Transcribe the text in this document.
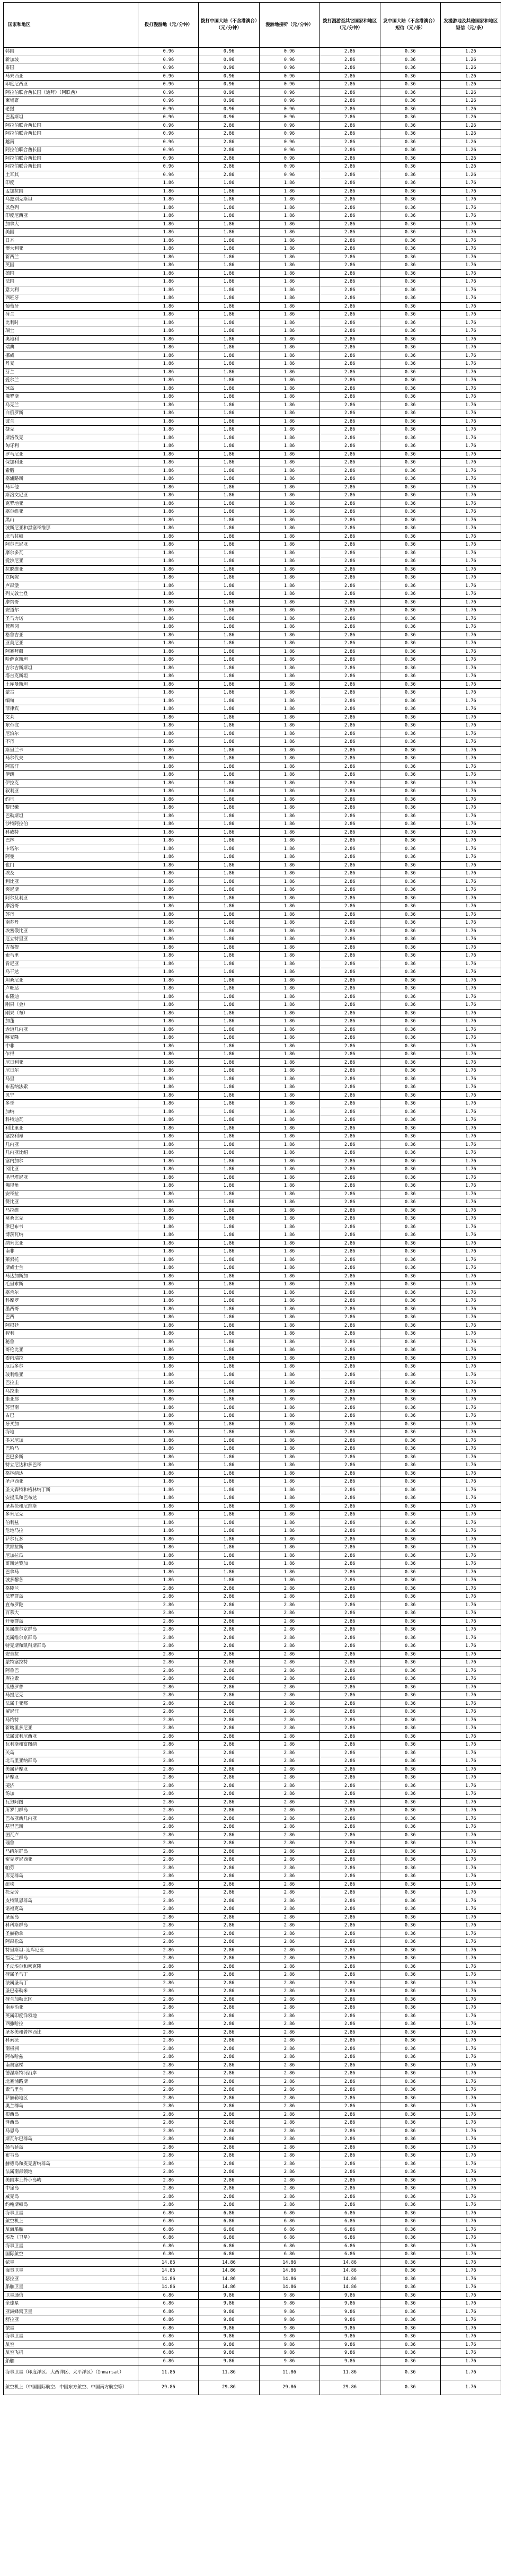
国家和地区	拨打漫游地（元/分钟）	拨打中国大陆（不含港澳台）（元/分钟）	漫游地接听（元/分钟）	拨打漫游至其它国家和地区（元/分钟）	发中国大陆（不含港澳台）短信（元/条）	发漫游地及其他国家和地区短信（元/条）
韩国	0.96	0.96	0.96	2.86	0.36	1.26
新加坡	0.96	0.96	0.96	2.86	0.36	1.26
泰国	0.96	0.96	0.96	2.86	0.36	1.26
马来西亚	0.96	0.96	0.96	2.86	0.36	1.26
印度尼西亚	0.96	0.96	0.96	2.86	0.36	1.26
阿拉伯联合酋长国（迪拜）（阿联酋）	0.96	0.96	0.96	2.86	0.36	1.26
柬埔寨	0.96	0.96	0.96	2.86	0.36	1.26
老挝	0.96	0.96	0.96	2.86	0.36	1.26
巴基斯坦	0.96	0.96	0.96	2.86	0.36	1.26
阿拉伯联合酋长国	0.96	2.86	0.96	2.86	0.36	1.26
阿拉伯联合酋长国	0.96	2.86	0.96	2.86	0.36	1.26
越南	0.96	2.86	0.96	2.86	0.36	1.26
阿拉伯联合酋长国	0.96	2.86	0.96	2.86	0.36	1.26
阿拉伯联合酋长国	0.96	2.86	0.96	2.86	0.36	1.26
阿拉伯联合酋长国	0.96	2.86	0.96	2.86	0.36	1.26
土耳其	0.96	2.86	0.96	2.86	0.36	1.26
印度	1.86	1.86	1.86	2.86	0.36	1.76
孟加拉国	1.86	1.86	1.86	2.86	0.36	1.76
乌兹别克斯坦	1.86	1.86	1.86	2.86	0.36	1.76
以色列	1.86	1.86	1.86	2.86	0.36	1.76
印度尼西亚	1.86	1.86	1.86	2.86	0.36	1.76
加拿大	1.86	1.86	1.86	2.86	0.36	1.76
美国	1.86	1.86	1.86	2.86	0.36	1.76
日本	1.86	1.86	1.86	2.86	0.36	1.76
澳大利亚	1.86	1.86	1.86	2.86	0.36	1.76
新西兰	1.86	1.86	1.86	2.86	0.36	1.76
英国	1.86	1.86	1.86	2.86	0.36	1.76
德国	1.86	1.86	1.86	2.86	0.36	1.76
法国	1.86	1.86	1.86	2.86	0.36	1.76
意大利	1.86	1.86	1.86	2.86	0.36	1.76
西班牙	1.86	1.86	1.86	2.86	0.36	1.76
葡萄牙	1.86	1.86	1.86	2.86	0.36	1.76
荷兰	1.86	1.86	1.86	2.86	0.36	1.76
比利时	1.86	1.86	1.86	2.86	0.36	1.76
瑞士	1.86	1.86	1.86	2.86	0.36	1.76
奥地利	1.86	1.86	1.86	2.86	0.36	1.76
瑞典	1.86	1.86	1.86	2.86	0.36	1.76
挪威	1.86	1.86	1.86	2.86	0.36	1.76
丹麦	1.86	1.86	1.86	2.86	0.36	1.76
芬兰	1.86	1.86	1.86	2.86	0.36	1.76
爱尔兰	1.86	1.86	1.86	2.86	0.36	1.76
冰岛	1.86	1.86	1.86	2.86	0.36	1.76
俄罗斯	1.86	1.86	1.86	2.86	0.36	1.76
乌克兰	1.86	1.86	1.86	2.86	0.36	1.76
白俄罗斯	1.86	1.86	1.86	2.86	0.36	1.76
波兰	1.86	1.86	1.86	2.86	0.36	1.76
捷克	1.86	1.86	1.86	2.86	0.36	1.76
斯洛伐克	1.86	1.86	1.86	2.86	0.36	1.76
匈牙利	1.86	1.86	1.86	2.86	0.36	1.76
罗马尼亚	1.86	1.86	1.86	2.86	0.36	1.76
保加利亚	1.86	1.86	1.86	2.86	0.36	1.76
希腊	1.86	1.86	1.86	2.86	0.36	1.76
塞浦路斯	1.86	1.86	1.86	2.86	0.36	1.76
马耳他	1.86	1.86	1.86	2.86	0.36	1.76
斯洛文尼亚	1.86	1.86	1.86	2.86	0.36	1.76
克罗地亚	1.86	1.86	1.86	2.86	0.36	1.76
塞尔维亚	1.86	1.86	1.86	2.86	0.36	1.76
黑山	1.86	1.86	1.86	2.86	0.36	1.76
波斯尼亚和黑塞哥维那	1.86	1.86	1.86	2.86	0.36	1.76
北马其顿	1.86	1.86	1.86	2.86	0.36	1.76
阿尔巴尼亚	1.86	1.86	1.86	2.86	0.36	1.76
摩尔多瓦	1.86	1.86	1.86	2.86	0.36	1.76
爱沙尼亚	1.86	1.86	1.86	2.86	0.36	1.76
拉脱维亚	1.86	1.86	1.86	2.86	0.36	1.76
立陶宛	1.86	1.86	1.86	2.86	0.36	1.76
卢森堡	1.86	1.86	1.86	2.86	0.36	1.76
列支敦士登	1.86	1.86	1.86	2.86	0.36	1.76
摩纳哥	1.86	1.86	1.86	2.86	0.36	1.76
安道尔	1.86	1.86	1.86	2.86	0.36	1.76
圣马力诺	1.86	1.86	1.86	2.86	0.36	1.76
梵蒂冈	1.86	1.86	1.86	2.86	0.36	1.76
格鲁吉亚	1.86	1.86	1.86	2.86	0.36	1.76
亚美尼亚	1.86	1.86	1.86	2.86	0.36	1.76
阿塞拜疆	1.86	1.86	1.86	2.86	0.36	1.76
哈萨克斯坦	1.86	1.86	1.86	2.86	0.36	1.76
吉尔吉斯斯坦	1.86	1.86	1.86	2.86	0.36	1.76
塔吉克斯坦	1.86	1.86	1.86	2.86	0.36	1.76
土库曼斯坦	1.86	1.86	1.86	2.86	0.36	1.76
蒙古	1.86	1.86	1.86	2.86	0.36	1.76
缅甸	1.86	1.86	1.86	2.86	0.36	1.76
菲律宾	1.86	1.86	1.86	2.86	0.36	1.76
文莱	1.86	1.86	1.86	2.86	0.36	1.76
东帝汶	1.86	1.86	1.86	2.86	0.36	1.76
尼泊尔	1.86	1.86	1.86	2.86	0.36	1.76
不丹	1.86	1.86	1.86	2.86	0.36	1.76
斯里兰卡	1.86	1.86	1.86	2.86	0.36	1.76
马尔代夫	1.86	1.86	1.86	2.86	0.36	1.76
阿富汗	1.86	1.86	1.86	2.86	0.36	1.76
伊朗	1.86	1.86	1.86	2.86	0.36	1.76
伊拉克	1.86	1.86	1.86	2.86	0.36	1.76
叙利亚	1.86	1.86	1.86	2.86	0.36	1.76
约旦	1.86	1.86	1.86	2.86	0.36	1.76
黎巴嫩	1.86	1.86	1.86	2.86	0.36	1.76
巴勒斯坦	1.86	1.86	1.86	2.86	0.36	1.76
沙特阿拉伯	1.86	1.86	1.86	2.86	0.36	1.76
科威特	1.86	1.86	1.86	2.86	0.36	1.76
巴林	1.86	1.86	1.86	2.86	0.36	1.76
卡塔尔	1.86	1.86	1.86	2.86	0.36	1.76
阿曼	1.86	1.86	1.86	2.86	0.36	1.76
也门	1.86	1.86	1.86	2.86	0.36	1.76
埃及	1.86	1.86	1.86	2.86	0.36	1.76
利比亚	1.86	1.86	1.86	2.86	0.36	1.76
突尼斯	1.86	1.86	1.86	2.86	0.36	1.76
阿尔及利亚	1.86	1.86	1.86	2.86	0.36	1.76
摩洛哥	1.86	1.86	1.86	2.86	0.36	1.76
苏丹	1.86	1.86	1.86	2.86	0.36	1.76
南苏丹	1.86	1.86	1.86	2.86	0.36	1.76
埃塞俄比亚	1.86	1.86	1.86	2.86	0.36	1.76
厄立特里亚	1.86	1.86	1.86	2.86	0.36	1.76
吉布提	1.86	1.86	1.86	2.86	0.36	1.76
索马里	1.86	1.86	1.86	2.86	0.36	1.76
肯尼亚	1.86	1.86	1.86	2.86	0.36	1.76
乌干达	1.86	1.86	1.86	2.86	0.36	1.76
坦桑尼亚	1.86	1.86	1.86	2.86	0.36	1.76
卢旺达	1.86	1.86	1.86	2.86	0.36	1.76
布隆迪	1.86	1.86	1.86	2.86	0.36	1.76
刚果（金）	1.86	1.86	1.86	2.86	0.36	1.76
刚果（布）	1.86	1.86	1.86	2.86	0.36	1.76
加蓬	1.86	1.86	1.86	2.86	0.36	1.76
赤道几内亚	1.86	1.86	1.86	2.86	0.36	1.76
喀麦隆	1.86	1.86	1.86	2.86	0.36	1.76
中非	1.86	1.86	1.86	2.86	0.36	1.76
乍得	1.86	1.86	1.86	2.86	0.36	1.76
尼日利亚	1.86	1.86	1.86	2.86	0.36	1.76
尼日尔	1.86	1.86	1.86	2.86	0.36	1.76
马里	1.86	1.86	1.86	2.86	0.36	1.76
布基纳法索	1.86	1.86	1.86	2.86	0.36	1.76
贝宁	1.86	1.86	1.86	2.86	0.36	1.76
多哥	1.86	1.86	1.86	2.86	0.36	1.76
加纳	1.86	1.86	1.86	2.86	0.36	1.76
科特迪瓦	1.86	1.86	1.86	2.86	0.36	1.76
利比里亚	1.86	1.86	1.86	2.86	0.36	1.76
塞拉利昂	1.86	1.86	1.86	2.86	0.36	1.76
几内亚	1.86	1.86	1.86	2.86	0.36	1.76
几内亚比绍	1.86	1.86	1.86	2.86	0.36	1.76
塞内加尔	1.86	1.86	1.86	2.86	0.36	1.76
冈比亚	1.86	1.86	1.86	2.86	0.36	1.76
毛里塔尼亚	1.86	1.86	1.86	2.86	0.36	1.76
佛得角	1.86	1.86	1.86	2.86	0.36	1.76
安哥拉	1.86	1.86	1.86	2.86	0.36	1.76
赞比亚	1.86	1.86	1.86	2.86	0.36	1.76
马拉维	1.86	1.86	1.86	2.86	0.36	1.76
莫桑比克	1.86	1.86	1.86	2.86	0.36	1.76
津巴布韦	1.86	1.86	1.86	2.86	0.36	1.76
博茨瓦纳	1.86	1.86	1.86	2.86	0.36	1.76
纳米比亚	1.86	1.86	1.86	2.86	0.36	1.76
南非	1.86	1.86	1.86	2.86	0.36	1.76
莱索托	1.86	1.86	1.86	2.86	0.36	1.76
斯威士兰	1.86	1.86	1.86	2.86	0.36	1.76
马达加斯加	1.86	1.86	1.86	2.86	0.36	1.76
毛里求斯	1.86	1.86	1.86	2.86	0.36	1.76
塞舌尔	1.86	1.86	1.86	2.86	0.36	1.76
科摩罗	1.86	1.86	1.86	2.86	0.36	1.76
墨西哥	1.86	1.86	1.86	2.86	0.36	1.76
巴西	1.86	1.86	1.86	2.86	0.36	1.76
阿根廷	1.86	1.86	1.86	2.86	0.36	1.76
智利	1.86	1.86	1.86	2.86	0.36	1.76
秘鲁	1.86	1.86	1.86	2.86	0.36	1.76
哥伦比亚	1.86	1.86	1.86	2.86	0.36	1.76
委内瑞拉	1.86	1.86	1.86	2.86	0.36	1.76
厄瓜多尔	1.86	1.86	1.86	2.86	0.36	1.76
玻利维亚	1.86	1.86	1.86	2.86	0.36	1.76
巴拉圭	1.86	1.86	1.86	2.86	0.36	1.76
乌拉圭	1.86	1.86	1.86	2.86	0.36	1.76
圭亚那	1.86	1.86	1.86	2.86	0.36	1.76
苏里南	1.86	1.86	1.86	2.86	0.36	1.76
古巴	1.86	1.86	1.86	2.86	0.36	1.76
牙买加	1.86	1.86	1.86	2.86	0.36	1.76
海地	1.86	1.86	1.86	2.86	0.36	1.76
多米尼加	1.86	1.86	1.86	2.86	0.36	1.76
巴哈马	1.86	1.86	1.86	2.86	0.36	1.76
巴巴多斯	1.86	1.86	1.86	2.86	0.36	1.76
特立尼达和多巴哥	1.86	1.86	1.86	2.86	0.36	1.76
格林纳达	1.86	1.86	1.86	2.86	0.36	1.76
圣卢西亚	1.86	1.86	1.86	2.86	0.36	1.76
圣文森特和格林纳丁斯	1.86	1.86	1.86	2.86	0.36	1.76
安提瓜和巴布达	1.86	1.86	1.86	2.86	0.36	1.76
圣基茨和尼维斯	1.86	1.86	1.86	2.86	0.36	1.76
多米尼克	1.86	1.86	1.86	2.86	0.36	1.76
伯利兹	1.86	1.86	1.86	2.86	0.36	1.76
危地马拉	1.86	1.86	1.86	2.86	0.36	1.76
萨尔瓦多	1.86	1.86	1.86	2.86	0.36	1.76
洪都拉斯	1.86	1.86	1.86	2.86	0.36	1.76
尼加拉瓜	1.86	1.86	1.86	2.86	0.36	1.76
哥斯达黎加	1.86	1.86	1.86	2.86	0.36	1.76
巴拿马	1.86	1.86	1.86	2.86	0.36	1.76
波多黎各	1.86	1.86	1.86	2.86	0.36	1.76
格陵兰	2.86	2.86	2.86	2.86	0.36	1.76
法罗群岛	2.86	2.86	2.86	2.86	0.36	1.76
直布罗陀	2.86	2.86	2.86	2.86	0.36	1.76
百慕大	2.86	2.86	2.86	2.86	0.36	1.76
开曼群岛	2.86	2.86	2.86	2.86	0.36	1.76
英属维尔京群岛	2.86	2.86	2.86	2.86	0.36	1.76
美属维尔京群岛	2.86	2.86	2.86	2.86	0.36	1.76
特克斯和凯科斯群岛	2.86	2.86	2.86	2.86	0.36	1.76
安圭拉	2.86	2.86	2.86	2.86	0.36	1.76
蒙特塞拉特	2.86	2.86	2.86	2.86	0.36	1.76
阿鲁巴	2.86	2.86	2.86	2.86	0.36	1.76
库拉索	2.86	2.86	2.86	2.86	0.36	1.76
瓜德罗普	2.86	2.86	2.86	2.86	0.36	1.76
马提尼克	2.86	2.86	2.86	2.86	0.36	1.76
法属圭亚那	2.86	2.86	2.86	2.86	0.36	1.76
留尼汪	2.86	2.86	2.86	2.86	0.36	1.76
马约特	2.86	2.86	2.86	2.86	0.36	1.76
新喀里多尼亚	2.86	2.86	2.86	2.86	0.36	1.76
法属波利尼西亚	2.86	2.86	2.86	2.86	0.36	1.76
瓦利斯和富图纳	2.86	2.86	2.86	2.86	0.36	1.76
关岛	2.86	2.86	2.86	2.86	0.36	1.76
北马里亚纳群岛	2.86	2.86	2.86	2.86	0.36	1.76
美属萨摩亚	2.86	2.86	2.86	2.86	0.36	1.76
萨摩亚	2.86	2.86	2.86	2.86	0.36	1.76
斐济	2.86	2.86	2.86	2.86	0.36	1.76
汤加	2.86	2.86	2.86	2.86	0.36	1.76
瓦努阿图	2.86	2.86	2.86	2.86	0.36	1.76
所罗门群岛	2.86	2.86	2.86	2.86	0.36	1.76
巴布亚新几内亚	2.86	2.86	2.86	2.86	0.36	1.76
基里巴斯	2.86	2.86	2.86	2.86	0.36	1.76
图瓦卢	2.86	2.86	2.86	2.86	0.36	1.76
瑙鲁	2.86	2.86	2.86	2.86	0.36	1.76
马绍尔群岛	2.86	2.86	2.86	2.86	0.36	1.76
密克罗尼西亚	2.86	2.86	2.86	2.86	0.36	1.76
帕劳	2.86	2.86	2.86	2.86	0.36	1.76
库克群岛	2.86	2.86	2.86	2.86	0.36	1.76
纽埃	2.86	2.86	2.86	2.86	0.36	1.76
托克劳	2.86	2.86	2.86	2.86	0.36	1.76
皮特凯恩群岛	2.86	2.86	2.86	2.86	0.36	1.76
诺福克岛	2.86	2.86	2.86	2.86	0.36	1.76
圣诞岛	2.86	2.86	2.86	2.86	0.36	1.76
科科斯群岛	2.86	2.86	2.86	2.86	0.36	1.76
圣赫勒拿	2.86	2.86	2.86	2.86	0.36	1.76
阿森松岛	2.86	2.86	2.86	2.86	0.36	1.76
特里斯坦-达库尼亚	2.86	2.86	2.86	2.86	0.36	1.76
福克兰群岛	2.86	2.86	2.86	2.86	0.36	1.76
圣皮埃尔和密克隆	2.86	2.86	2.86	2.86	0.36	1.76
荷属圣马丁	2.86	2.86	2.86	2.86	0.36	1.76
法属圣马丁	2.86	2.86	2.86	2.86	0.36	1.76
圣巴泰勒米	2.86	2.86	2.86	2.86	0.36	1.76
荷兰加勒比区	2.86	2.86	2.86	2.86	0.36	1.76
南乔治亚	2.86	2.86	2.86	2.86	0.36	1.76
英属印度洋领地	2.86	2.86	2.86	2.86	0.36	1.76
西撒哈拉	2.86	2.86	2.86	2.86	0.36	1.76
圣多美和普林西比	2.86	2.86	2.86	2.86	0.36	1.76
科索沃	2.86	2.86	2.86	2.86	0.36	1.76
南极洲	2.86	2.86	2.86	2.86	0.36	1.76
阿布哈兹	2.86	2.86	2.86	2.86	0.36	1.76
南奥塞梯	2.86	2.86	2.86	2.86	0.36	1.76
德涅斯特河沿岸	2.86	2.86	2.86	2.86	0.36	1.76
北塞浦路斯	2.86	2.86	2.86	2.86	0.36	1.76
索马里兰	2.86	2.86	2.86	2.86	0.36	1.76
萨赫勒地区	2.86	2.86	2.86	2.86	0.36	1.76
奥兰群岛	2.86	2.86	2.86	2.86	0.36	1.76
根西岛	2.86	2.86	2.86	2.86	0.36	1.76
泽西岛	2.86	2.86	2.86	2.86	0.36	1.76
马恩岛	2.86	2.86	2.86	2.86	0.36	1.76
斯瓦尔巴群岛	2.86	2.86	2.86	2.86	0.36	1.76
扬马延岛	2.86	2.86	2.86	2.86	0.36	1.76
布韦岛	2.86	2.86	2.86	2.86	0.36	1.76
赫德岛和麦克唐纳群岛	2.86	2.86	2.86	2.86	0.36	1.76
法属南部领地	2.86	2.86	2.86	2.86	0.36	1.76
美国本土外小岛屿	2.86	2.86	2.86	2.86	0.36	1.76
中途岛	2.86	2.86	2.86	2.86	0.36	1.76
威克岛	2.86	2.86	2.86	2.86	0.36	1.76
约翰斯顿岛	2.86	2.86	2.86	2.86	0.36	1.76
海事卫星	6.86	6.86	6.86	6.86	0.36	1.76
航空机上	6.86	6.86	6.86	6.86	0.36	1.76
航海船舶	6.86	6.86	6.86	6.86	0.36	1.76
埃及（卫星）	6.86	6.86	6.86	6.86	0.36	1.76
海事卫星	6.86	6.86	6.86	6.86	0.36	1.76
国际航空	6.86	6.86	6.86	6.86	0.36	1.76
铱星	14.86	14.86	14.86	14.86	0.36	1.76
海事卫星	14.86	14.86	14.86	14.86	0.36	1.76
瑟拉亚	14.86	14.86	14.86	14.86	0.36	1.76
船舶卫星	14.86	14.86	14.86	14.86	0.36	1.76
卫星通信	6.86	9.86	9.86	9.86	0.36	1.76
全球星	6.86	9.86	9.86	9.86	0.36	1.76
亚洲蜂窝卫星	6.86	9.86	9.86	9.86	0.36	1.76
舒拉亚	6.86	9.86	9.86	9.86	0.36	1.76
铱星	6.86	9.86	9.86	9.86	0.36	1.76
海事卫星	6.86	9.86	9.86	9.86	0.36	1.76
航空	6.86	9.86	9.86	9.86	0.36	1.76
航空飞机	6.86	9.86	9.86	9.86	0.36	1.76
船舶	6.86	9.86	9.86	9.86	0.36	1.76
海事卫星（印度洋区、大西洋区、太平洋区）（Inmarsat）	11.86	11.86	11.86	11.86	0.36	1.76
航空机上（中国国际航空、中国东方航空、中国南方航空等）	29.86	29.86	29.86	29.86	0.36	1.76
